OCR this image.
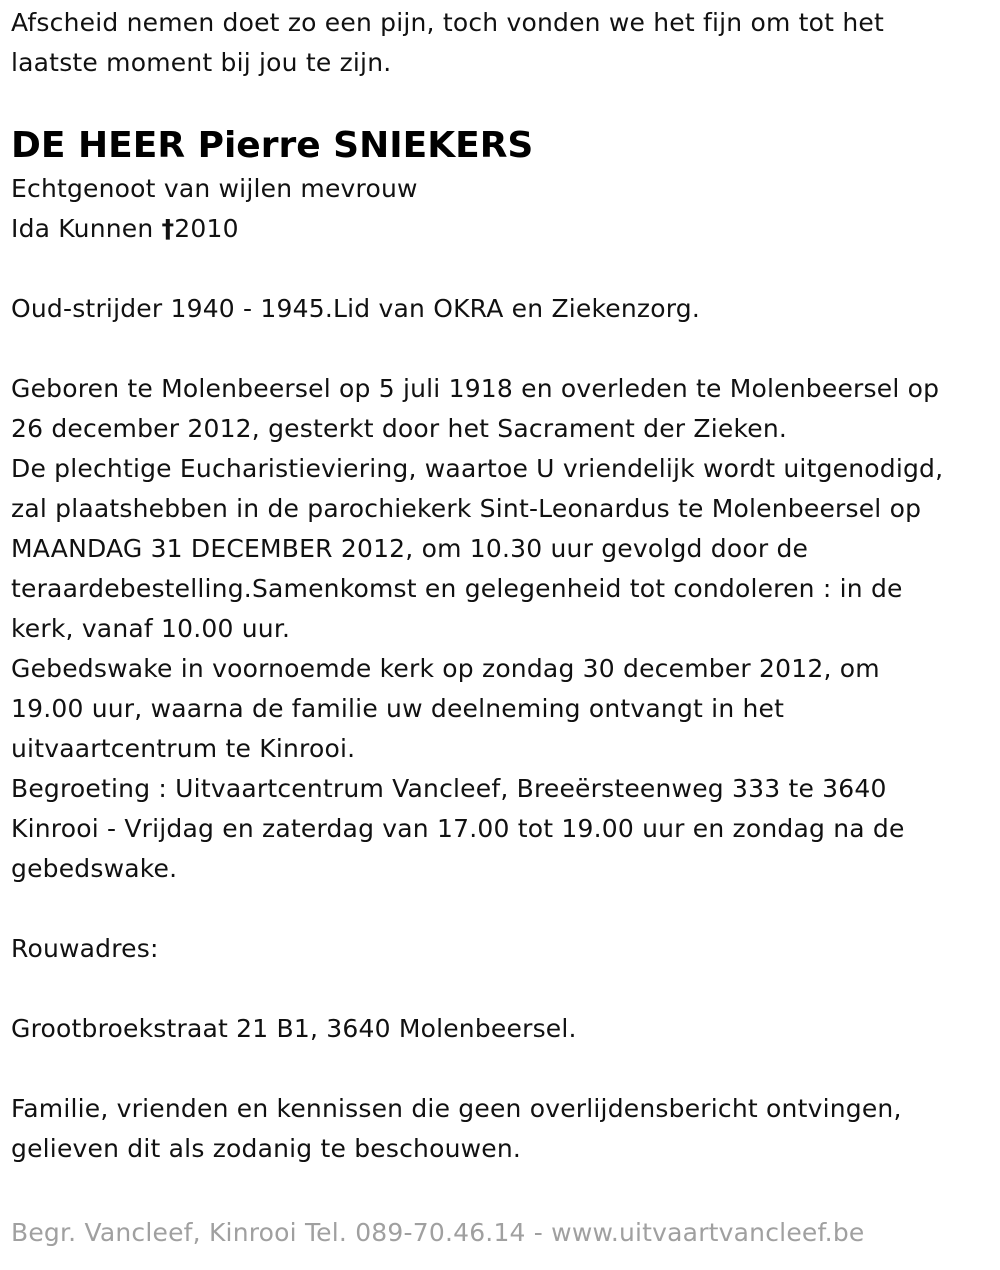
Afscheid nemen doet zo een pijn, toch vonden we het fijn om tot het
laatste moment bij jou te zijn.
DE HEER Pierre SNIEKERS
Echtgenoot van wijlen mevrouw
Ida Kunnen †2010
Oud-strijder 1940 - 1945.Lid van OKRA en Ziekenzorg.
Geboren te Molenbeersel op 5 juli 1918 en overleden te Molenbeersel op
26 december 2012, gesterkt door het Sacrament der Zieken.
De plechtige Eucharistieviering, waartoe U vriendelijk wordt uitgenodigd,
zal plaatshebben in de parochiekerk Sint-Leonardus te Molenbeersel op
MAANDAG 31 DECEMBER 2012, om 10.30 uur gevolgd door de
teraardebestelling.Samenkomst en gelegenheid tot condoleren : in de
kerk, vanaf 10.00 uur.
Gebedswake in voornoemde kerk op zondag 30 december 2012, om
19.00 uur, waarna de familie uw deelneming ontvangt in het
uitvaartcentrum te Kinrooi.
Begroeting : Uitvaartcentrum Vancleef, Breeërsteenweg 333 te 3640
Kinrooi - Vrijdag en zaterdag van 17.00 tot 19.00 uur en zondag na de
gebedswake.
Rouwadres:
Grootbroekstraat 21 B1, 3640 Molenbeersel.
Familie, vrienden en kennissen die geen overlijdensbericht ontvingen,
gelieven dit als zodanig te beschouwen.
Begr. Vancleef, Kinrooi Tel. 089-70.46.14 - www.uitvaartvancleef.be
